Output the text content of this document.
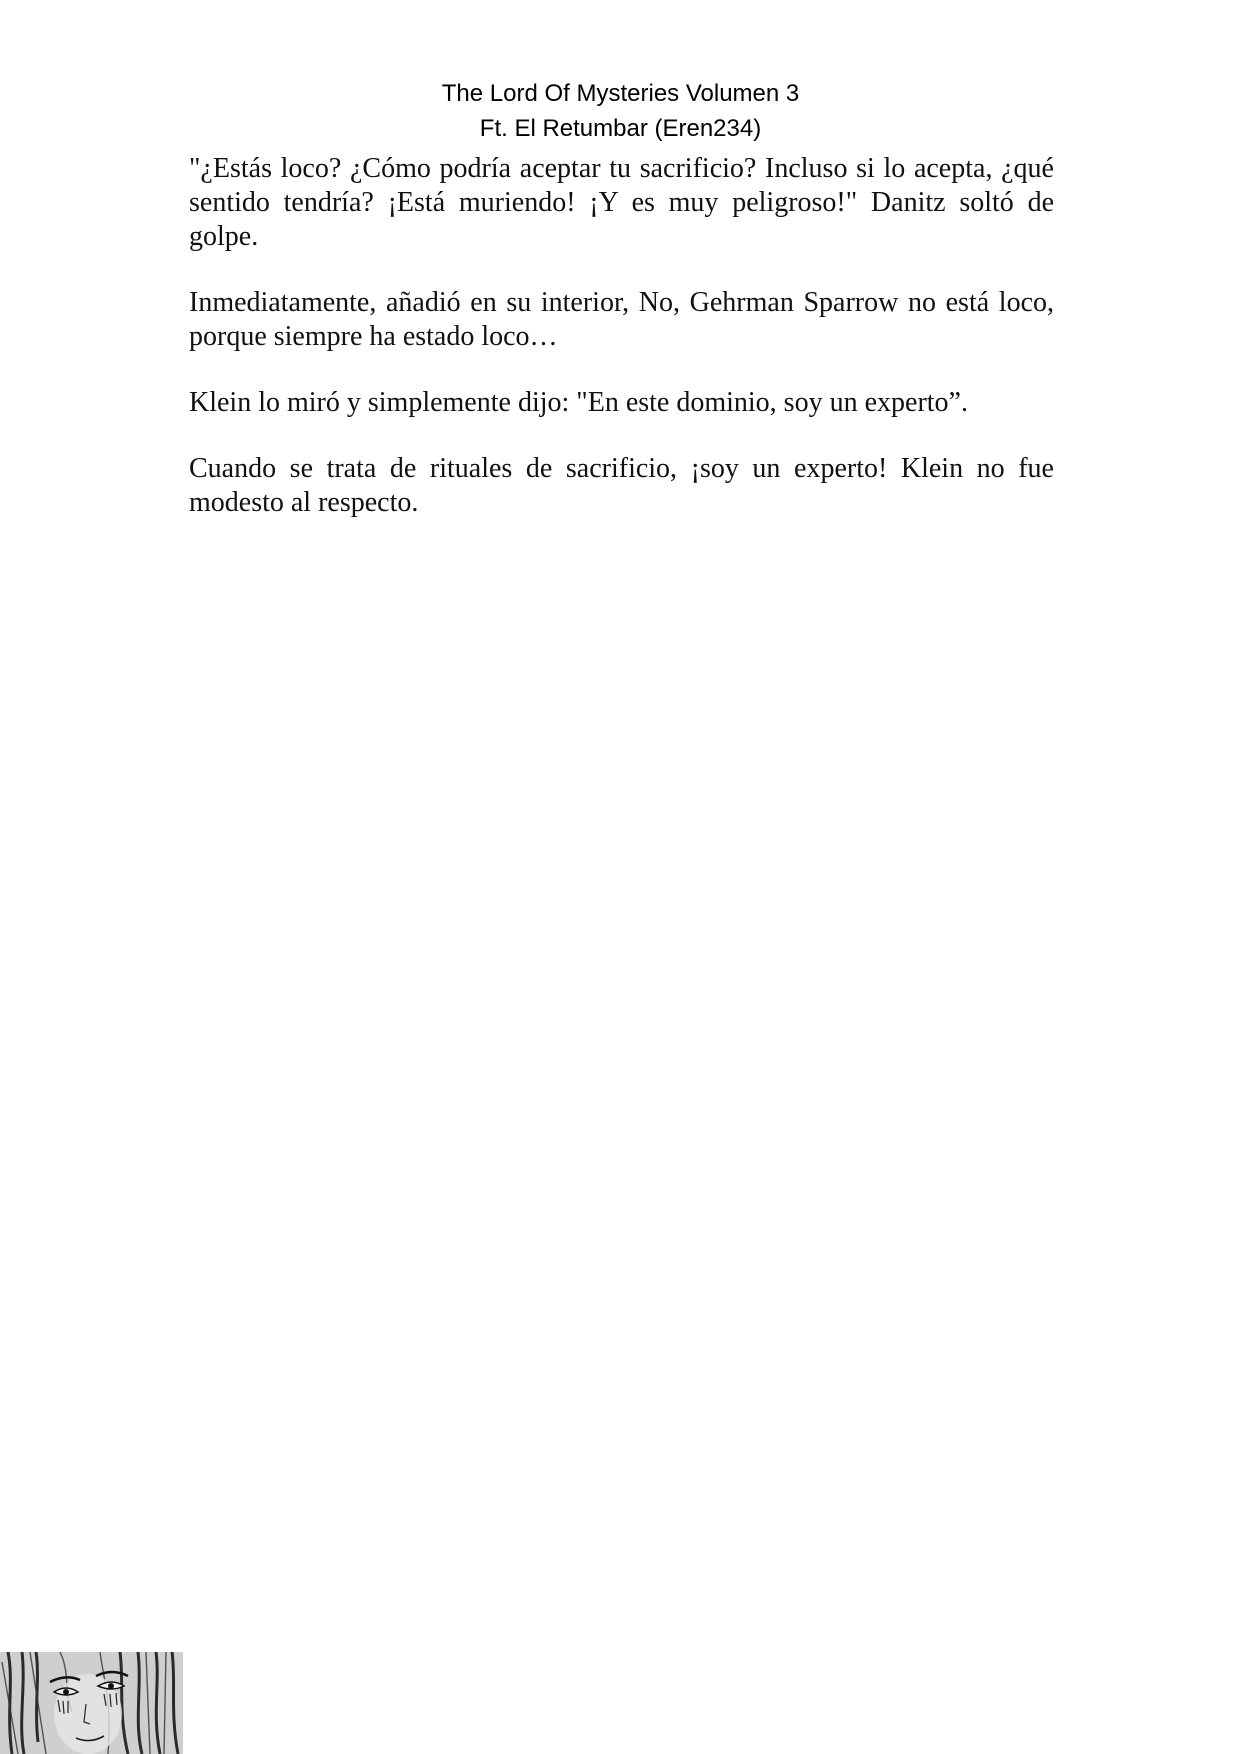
The Lord Of Mysteries Volumen 3
Ft. El Retumbar (Eren234)

"¿Estás loco? ¿Cómo podría aceptar tu sacrificio? Incluso si lo acepta, ¿qué sentido tendría? ¡Está muriendo! ¡Y es muy peligroso!" Danitz soltó de golpe.

Inmediatamente, añadió en su interior, No, Gehrman Sparrow no está loco, porque siempre ha estado loco…

Klein lo miró y simplemente dijo: "En este dominio, soy un experto”.

Cuando se trata de rituales de sacrificio, ¡soy un experto! Klein no fue modesto al respecto.
